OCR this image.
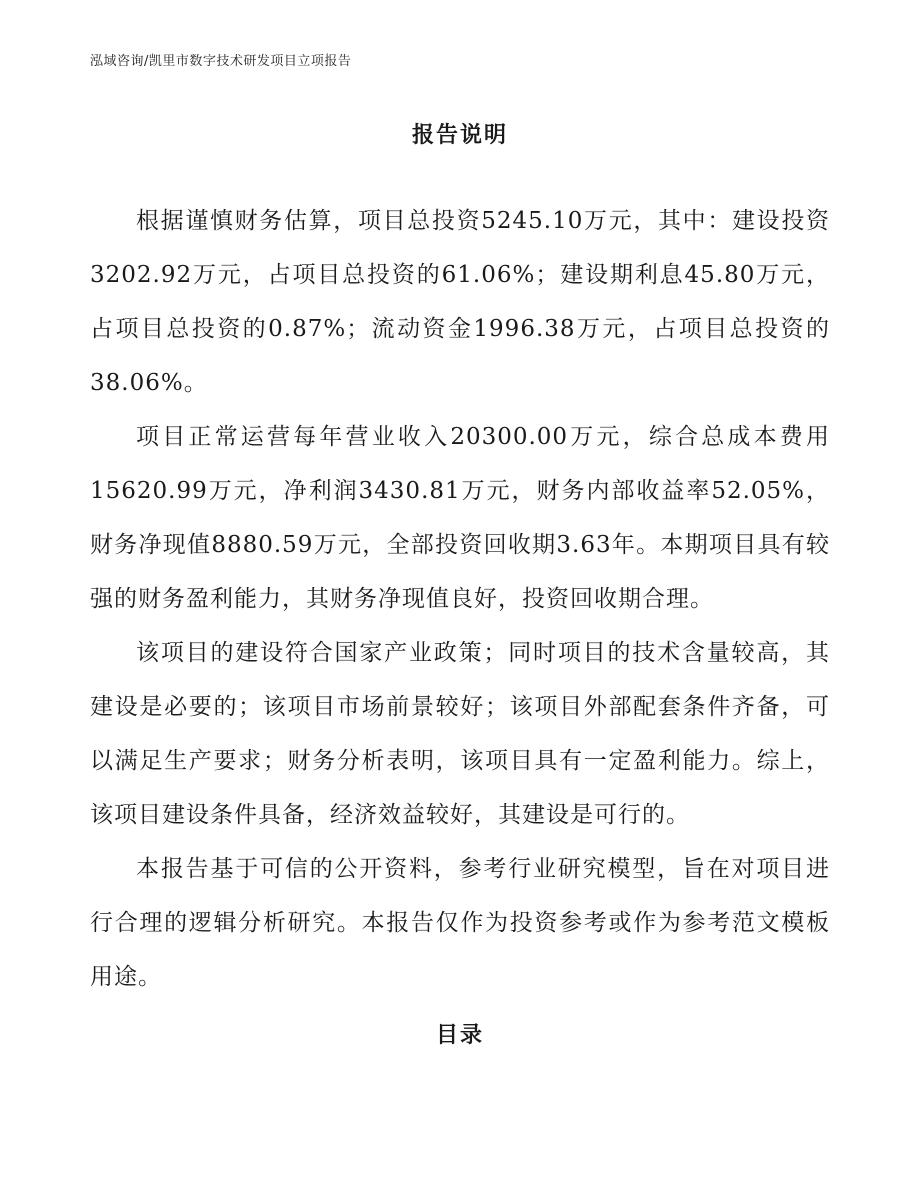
泓域咨询/凯里市数字技术研发项目立项报告
报告说明

根据谨慎财务估算，项目总投资5245.10万元，其中：建设投资3202.92万元，占项目总投资的61.06%；建设期利息45.80万元，占项目总投资的0.87%；流动资金1996.38万元，占项目总投资的38.06%。

项目正常运营每年营业收入20300.00万元，综合总成本费用15620.99万元，净利润3430.81万元，财务内部收益率52.05%，财务净现值8880.59万元，全部投资回收期3.63年。本期项目具有较强的财务盈利能力，其财务净现值良好，投资回收期合理。

该项目的建设符合国家产业政策；同时项目的技术含量较高，其建设是必要的；该项目市场前景较好；该项目外部配套条件齐备，可以满足生产要求；财务分析表明，该项目具有一定盈利能力。综上，该项目建设条件具备，经济效益较好，其建设是可行的。

本报告基于可信的公开资料，参考行业研究模型，旨在对项目进行合理的逻辑分析研究。本报告仅作为投资参考或作为参考范文模板用途。

目录
